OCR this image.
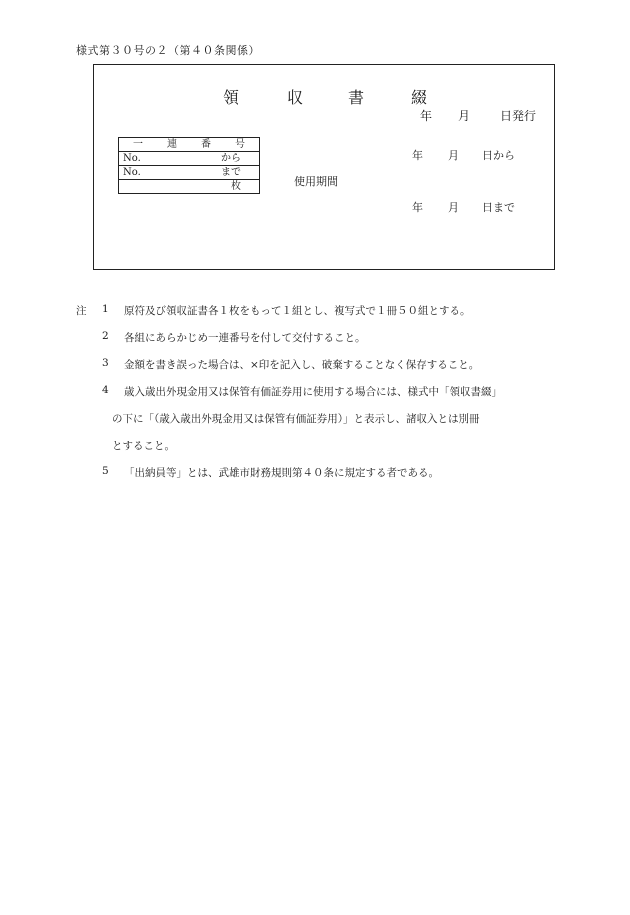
様式第３０号の２（第４０条関係）
領	収	書	綴
年 月 日発行
一 連 番 号

No.	から

No.	まで

枚	使用期間
年 月 日から
年 月 日まで
注 1 原符及び領収証書各１枚をもって１組とし、複写式で１冊５０組とする。
2 各組にあらかじめ一連番号を付して交付すること。
3 金額を書き誤った場合は、×印を記入し、破棄することなく保存すること。
4 歳入歳出外現金用又は保管有価証券用に使用する場合には、様式中「領収書綴」
の下に「（歳入歳出外現金用又は保管有価証券用）」と表示し、諸収入とは別冊
とすること。
5 「出納員等」とは、武雄市財務規則第４０条に規定する者である。
